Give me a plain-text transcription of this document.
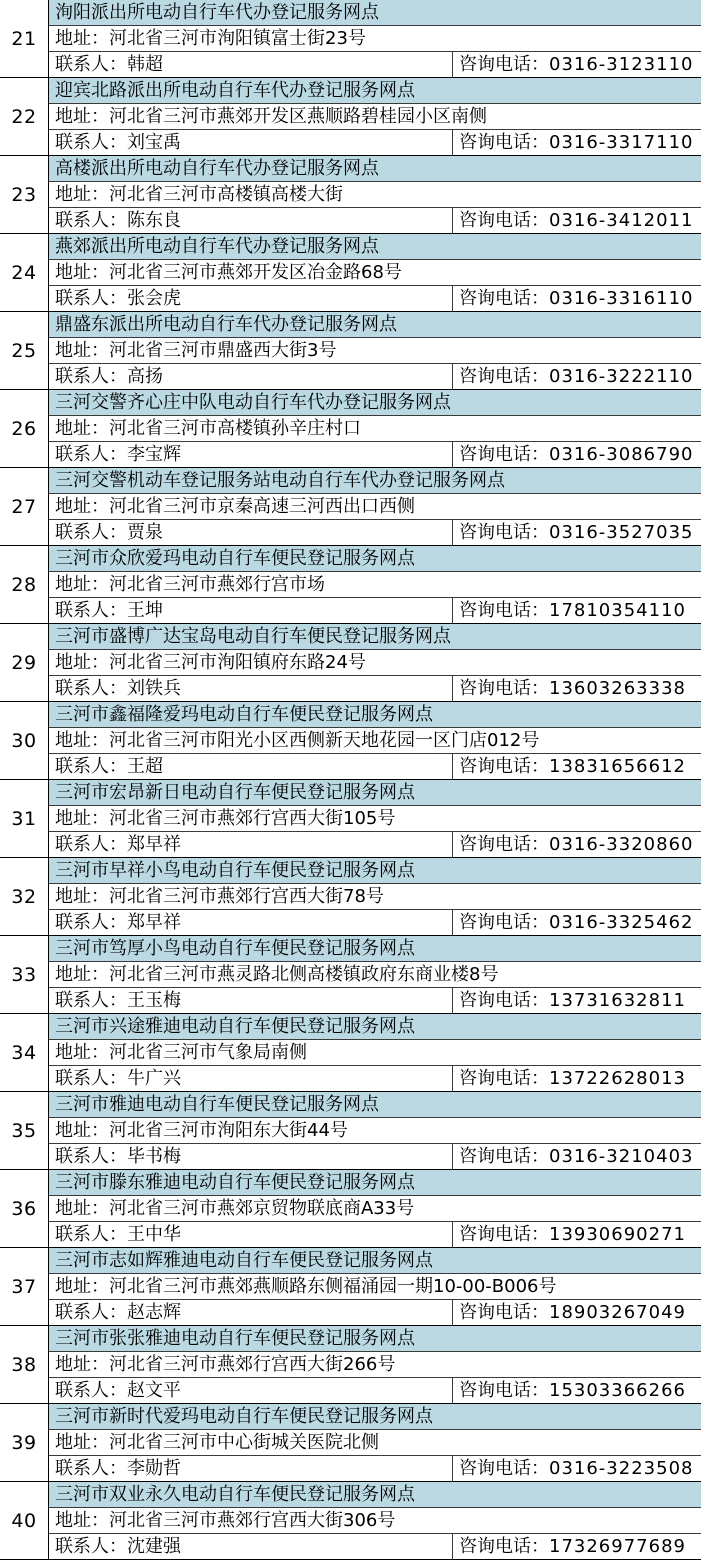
21
洵阳派出所电动自行车代办登记服务网点
地址：河北省三河市洵阳镇富士街23号
联系人：韩超	咨询电话：0316-3123110
22
迎宾北路派出所电动自行车代办登记服务网点
地址：河北省三河市燕郊开发区燕顺路碧桂园小区南侧
联系人：刘宝禹	咨询电话：0316-3317110
23
高楼派出所电动自行车代办登记服务网点
地址：河北省三河市高楼镇高楼大街
联系人：陈东良	咨询电话：0316-3412011
24
燕郊派出所电动自行车代办登记服务网点
地址：河北省三河市燕郊开发区冶金路68号
联系人：张会虎	咨询电话：0316-3316110
25
鼎盛东派出所电动自行车代办登记服务网点
地址：河北省三河市鼎盛西大街3号
联系人：高扬	咨询电话：0316-3222110
26
三河交警齐心庄中队电动自行车代办登记服务网点
地址：河北省三河市高楼镇孙辛庄村口
联系人：李宝辉	咨询电话：0316-3086790
27
三河交警机动车登记服务站电动自行车代办登记服务网点
地址：河北省三河市京秦高速三河西出口西侧
联系人：贾泉	咨询电话：0316-3527035
28
三河市众欣爱玛电动自行车便民登记服务网点
地址：河北省三河市燕郊行宫市场
联系人：王坤	咨询电话：17810354110
29
三河市盛博广达宝岛电动自行车便民登记服务网点
地址：河北省三河市洵阳镇府东路24号
联系人：刘铁兵	咨询电话：13603263338
30
三河市鑫福隆爱玛电动自行车便民登记服务网点
地址：河北省三河市阳光小区西侧新天地花园一区门店012号
联系人：王超	咨询电话：13831656612
31
三河市宏昂新日电动自行车便民登记服务网点
地址：河北省三河市燕郊行宫西大街105号
联系人：郑早祥	咨询电话：0316-3320860
32
三河市早祥小鸟电动自行车便民登记服务网点
地址：河北省三河市燕郊行宫西大街78号
联系人：郑早祥	咨询电话：0316-3325462
33
三河市笃厚小鸟电动自行车便民登记服务网点
地址：河北省三河市燕灵路北侧高楼镇政府东商业楼8号
联系人：王玉梅	咨询电话：13731632811
34
三河市兴途雅迪电动自行车便民登记服务网点
地址：河北省三河市气象局南侧
联系人：牛广兴	咨询电话：13722628013
35
三河市雅迪电动自行车便民登记服务网点
地址：河北省三河市洵阳东大街44号
联系人：毕书梅	咨询电话：0316-3210403
36
三河市滕东雅迪电动自行车便民登记服务网点
地址：河北省三河市燕郊京贸物联底商A33号
联系人：王中华	咨询电话：13930690271
37
三河市志如辉雅迪电动自行车便民登记服务网点
地址：河北省三河市燕郊燕顺路东侧福涌园一期10-00-B006号
联系人：赵志辉	咨询电话：18903267049
38
三河市张张雅迪电动自行车便民登记服务网点
地址：河北省三河市燕郊行宫西大街266号
联系人：赵文平	咨询电话：15303366266
39
三河市新时代爱玛电动自行车便民登记服务网点
地址：河北省三河市中心街城关医院北侧
联系人：李勋哲	咨询电话：0316-3223508
40
三河市双业永久电动自行车便民登记服务网点
地址：河北省三河市燕郊行宫西大街306号
联系人：沈建强	咨询电话：17326977689
